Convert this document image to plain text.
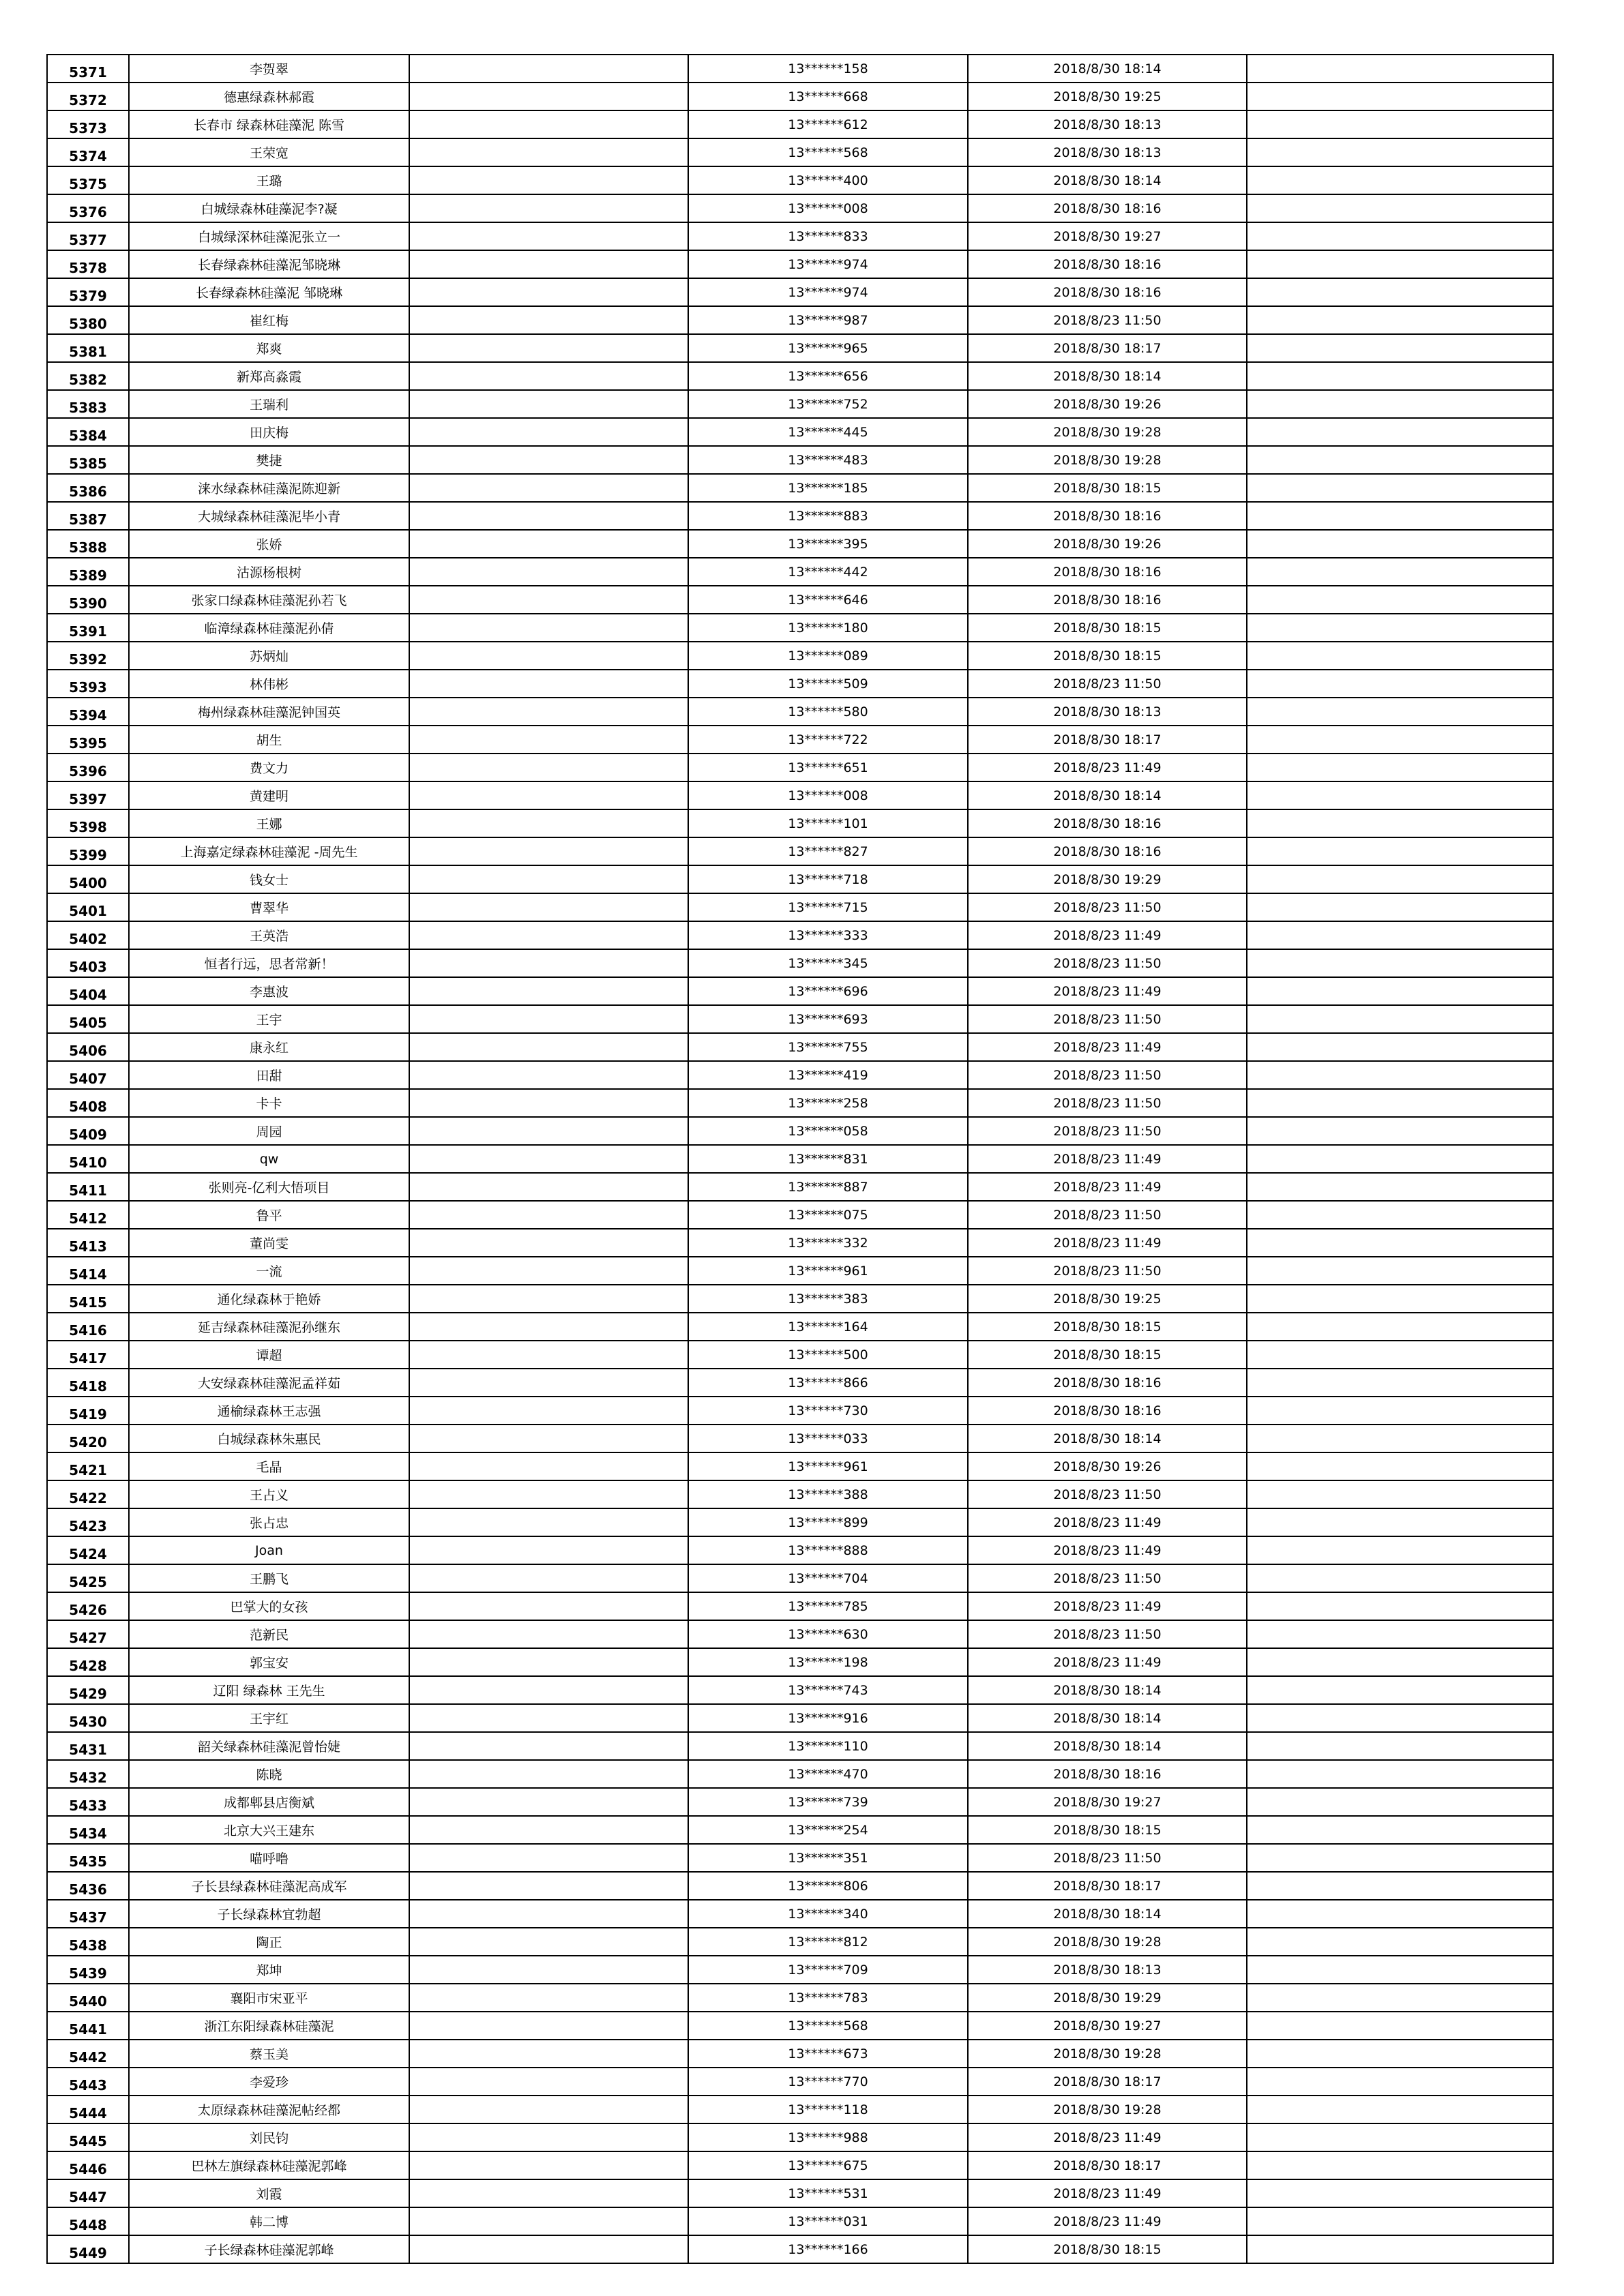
5371	李贺翠		13******158	2018/8/30 18:14	
5372	德惠绿森林郝霞		13******668	2018/8/30 19:25	
5373	长春市 绿森林硅藻泥 陈雪		13******612	2018/8/30 18:13	
5374	王荣宽		13******568	2018/8/30 18:13	
5375	王璐		13******400	2018/8/30 18:14	
5376	白城绿森林硅藻泥李?凝		13******008	2018/8/30 18:16	
5377	白城绿深林硅藻泥张立一		13******833	2018/8/30 19:27	
5378	长春绿森林硅藻泥邹晓琳		13******974	2018/8/30 18:16	
5379	长春绿森林硅藻泥 邹晓琳		13******974	2018/8/30 18:16	
5380	崔红梅		13******987	2018/8/23 11:50	
5381	郑爽		13******965	2018/8/30 18:17	
5382	新郑高淼霞		13******656	2018/8/30 18:14	
5383	王瑞利		13******752	2018/8/30 19:26	
5384	田庆梅		13******445	2018/8/30 19:28	
5385	樊捷		13******483	2018/8/30 19:28	
5386	涞水绿森林硅藻泥陈迎新		13******185	2018/8/30 18:15	
5387	大城绿森林硅藻泥毕小青		13******883	2018/8/30 18:16	
5388	张娇		13******395	2018/8/30 19:26	
5389	沽源杨根树		13******442	2018/8/30 18:16	
5390	张家口绿森林硅藻泥孙若飞		13******646	2018/8/30 18:16	
5391	临漳绿森林硅藻泥孙倩		13******180	2018/8/30 18:15	
5392	苏炳灿		13******089	2018/8/30 18:15	
5393	林伟彬		13******509	2018/8/23 11:50	
5394	梅州绿森林硅藻泥钟国英		13******580	2018/8/30 18:13	
5395	胡生		13******722	2018/8/30 18:17	
5396	费文力		13******651	2018/8/23 11:49	
5397	黄建明		13******008	2018/8/30 18:14	
5398	王娜		13******101	2018/8/30 18:16	
5399	上海嘉定绿森林硅藻泥 -周先生		13******827	2018/8/30 18:16	
5400	钱女士		13******718	2018/8/30 19:29	
5401	曹翠华		13******715	2018/8/23 11:50	
5402	王英浩		13******333	2018/8/23 11:49	
5403	恒者行远，思者常新！		13******345	2018/8/23 11:50	
5404	李惠波		13******696	2018/8/23 11:49	
5405	王宇		13******693	2018/8/23 11:50	
5406	康永红		13******755	2018/8/23 11:49	
5407	田甜		13******419	2018/8/23 11:50	
5408	卡卡		13******258	2018/8/23 11:50	
5409	周园		13******058	2018/8/23 11:50	
5410	qw		13******831	2018/8/23 11:49	
5411	张则亮-亿利大悟项目		13******887	2018/8/23 11:49	
5412	鲁平		13******075	2018/8/23 11:50	
5413	董尚雯		13******332	2018/8/23 11:49	
5414	一流		13******961	2018/8/23 11:50	
5415	通化绿森林于艳娇		13******383	2018/8/30 19:25	
5416	延吉绿森林硅藻泥孙继东		13******164	2018/8/30 18:15	
5417	谭超		13******500	2018/8/30 18:15	
5418	大安绿森林硅藻泥孟祥茹		13******866	2018/8/30 18:16	
5419	通榆绿森林王志强		13******730	2018/8/30 18:16	
5420	白城绿森林朱惠民		13******033	2018/8/30 18:14	
5421	毛晶		13******961	2018/8/30 19:26	
5422	王占义		13******388	2018/8/23 11:50	
5423	张占忠		13******899	2018/8/23 11:49	
5424	Joan		13******888	2018/8/23 11:49	
5425	王鹏飞		13******704	2018/8/23 11:50	
5426	巴掌大的女孩		13******785	2018/8/23 11:49	
5427	范新民		13******630	2018/8/23 11:50	
5428	郭宝安		13******198	2018/8/23 11:49	
5429	辽阳 绿森林 王先生		13******743	2018/8/30 18:14	
5430	王宇红		13******916	2018/8/30 18:14	
5431	韶关绿森林硅藻泥曾怡婕		13******110	2018/8/30 18:14	
5432	陈晓		13******470	2018/8/30 18:16	
5433	成都郫县店衡斌		13******739	2018/8/30 19:27	
5434	北京大兴王建东		13******254	2018/8/30 18:15	
5435	喵呼噜		13******351	2018/8/23 11:50	
5436	子长县绿森林硅藻泥高成军		13******806	2018/8/30 18:17	
5437	子长绿森林宜勃超		13******340	2018/8/30 18:14	
5438	陶正		13******812	2018/8/30 19:28	
5439	郑坤		13******709	2018/8/30 18:13	
5440	襄阳市宋亚平		13******783	2018/8/30 19:29	
5441	浙江东阳绿森林硅藻泥		13******568	2018/8/30 19:27	
5442	蔡玉美		13******673	2018/8/30 19:28	
5443	李爱珍		13******770	2018/8/30 18:17	
5444	太原绿森林硅藻泥帖经都		13******118	2018/8/30 19:28	
5445	刘民钧		13******988	2018/8/23 11:49	
5446	巴林左旗绿森林硅藻泥郭峰		13******675	2018/8/30 18:17	
5447	刘霞		13******531	2018/8/23 11:49	
5448	韩二博		13******031	2018/8/23 11:49	
5449	子长绿森林硅藻泥郭峰		13******166	2018/8/30 18:15	
